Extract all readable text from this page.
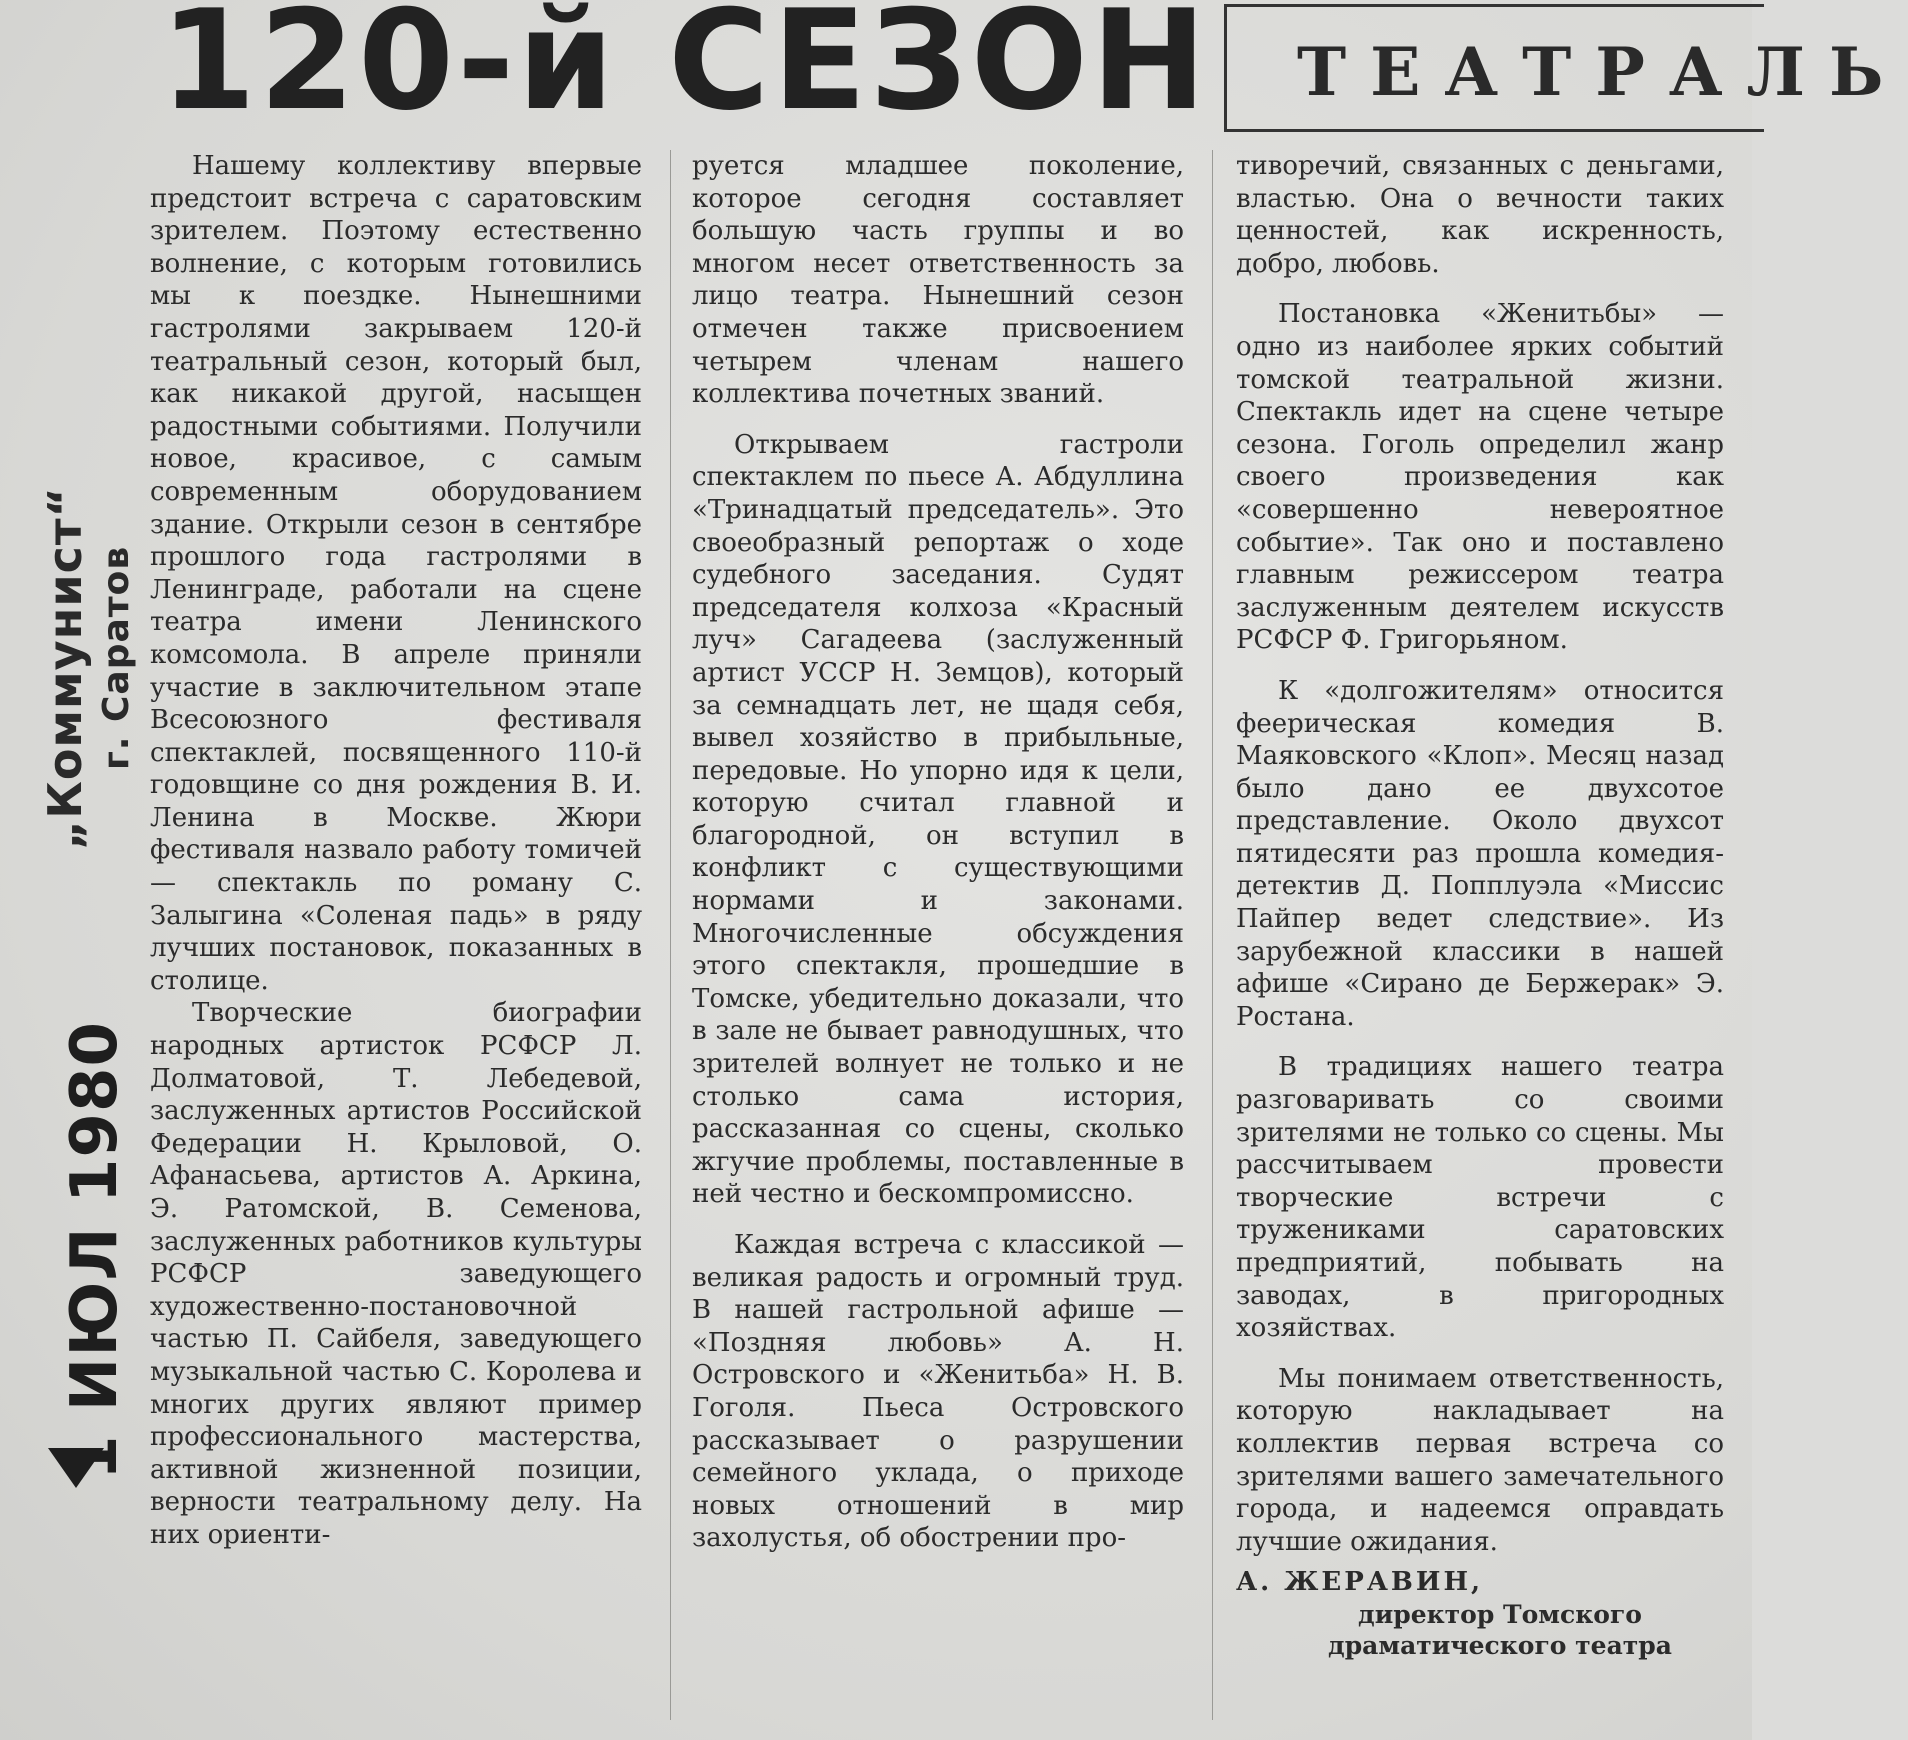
120-й СЕЗОН ТЕАТРАЛЬ
„Коммунист“ г. Саратов
1 ИЮЛ 1980

Нашему коллективу впервые предстоит встреча с саратовским зрителем. Поэтому естественно волнение, с которым готовились мы к поездке. Нынешними гастролями закрываем 120-й театральный сезон, который был, как никакой другой, насыщен радостными событиями. Получили новое, красивое, с самым современным оборудованием здание. Открыли сезон в сентябре прошлого года гастролями в Ленинграде, работали на сцене театра имени Ленинского комсомола. В апреле приняли участие в заключительном этапе Всесоюзного фестиваля спектаклей, посвященного 110-й годовщине со дня рождения В. И. Ленина в Москве. Жюри фестиваля назвало работу томичей — спектакль по роману С. Залыгина «Соленая падь» в ряду лучших постановок, показанных в столице.

Творческие биографии народных артисток РСФСР Л. Долматовой, Т. Лебедевой, заслуженных артистов Российской Федерации Н. Крыловой, О. Афанасьева, артистов А. Аркина, Э. Ратомской, В. Семенова, заслуженных работников культуры РСФСР заведующего художественно-постановочной частью П. Сайбеля, заведующего музыкальной частью С. Королева и многих других являют пример профессионального мастерства, активной жизненной позиции, верности театральному делу. На них ориенти-

руется младшее поколение, которое сегодня составляет большую часть группы и во многом несет ответственность за лицо театра. Нынешний сезон отмечен также присвоением четырем членам нашего коллектива почетных званий.

Открываем гастроли спектаклем по пьесе А. Абдуллина «Тринадцатый председатель». Это своеобразный репортаж о ходе судебного заседания. Судят председателя колхоза «Красный луч» Сагадеева (заслуженный артист УССР Н. Земцов), который за семнадцать лет, не щадя себя, вывел хозяйство в прибыльные, передовые. Но упорно идя к цели, которую считал главной и благородной, он вступил в конфликт с существующими нормами и законами. Многочисленные обсуждения этого спектакля, прошедшие в Томске, убедительно доказали, что в зале не бывает равнодушных, что зрителей волнует не только и не столько сама история, рассказанная со сцены, сколько жгучие проблемы, поставленные в ней честно и бескомпромиссно.

Каждая встреча с классикой — великая радость и огромный труд. В нашей гастрольной афише — «Поздняя любовь» А. Н. Островского и «Женитьба» Н. В. Гоголя. Пьеса Островского рассказывает о разрушении семейного уклада, о приходе новых отношений в мир захолустья, об обострении про-

тиворечий, связанных с деньгами, властью. Она о вечности таких ценностей, как искренность, добро, любовь.

Постановка «Женитьбы» — одно из наиболее ярких событий томской театральной жизни. Спектакль идет на сцене четыре сезона. Гоголь определил жанр своего произведения как «совершенно невероятное событие». Так оно и поставлено главным режиссером театра заслуженным деятелем искусств РСФСР Ф. Григорьяном.

К «долгожителям» относится феерическая комедия В. Маяковского «Клоп». Месяц назад было дано ее двухсотое представление. Около двухсот пятидесяти раз прошла комедия-детектив Д. Попплуэла «Миссис Пайпер ведет следствие». Из зарубежной классики в нашей афише «Сирано де Бержерак» Э. Ростана.

В традициях нашего театра разговаривать со своими зрителями не только со сцены. Мы рассчитываем провести творческие встречи с тружениками саратовских предприятий, побывать на заводах, в пригородных хозяйствах.

Мы понимаем ответственность, которую накладывает на коллектив первая встреча со зрителями вашего замечательного города, и надеемся оправдать лучшие ожидания.

А. ЖЕРАВИН,

директор Томского драматического театра
